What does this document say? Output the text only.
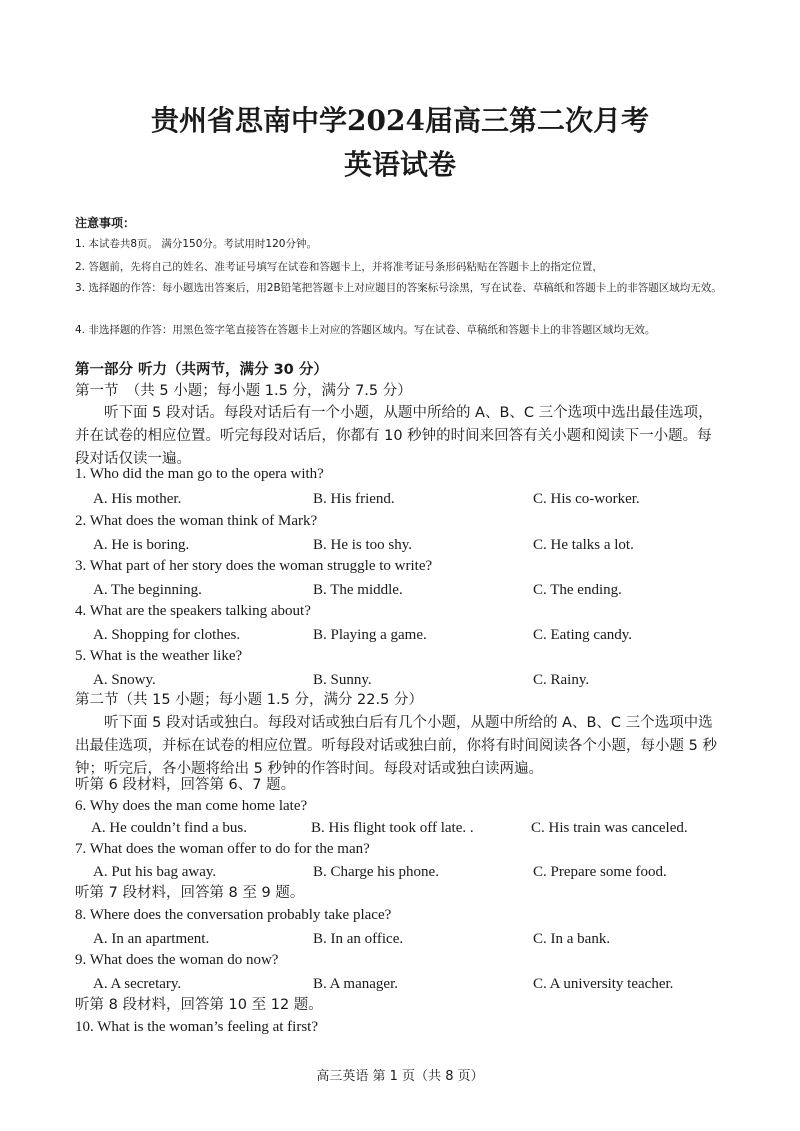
贵州省思南中学2024届高三第二次月考
英语试卷
注意事项：
1. 本试卷共8页。 满分150分。考试用时120分钟。
2. 答题前，先将自己的姓名、准考证号填写在试卷和答题卡上，并将准考证号条形码粘贴在答题卡上的指定位置，
3. 选择题的作答：每小题选出答案后，用2B铅笔把答题卡上对应题目的答案标号涂黑，写在试卷、草稿纸和答题卡上的非答题区域均无效。
4. 非选择题的作答：用黑色签字笔直接答在答题卡上对应的答题区域内。写在试卷、草稿纸和答题卡上的非答题区域均无效。
第一部分 听力（共两节，满分 30 分）
第一节　（共 5 小题；每小题 1.5 分，满分 7.5 分）
听下面 5 段对话。每段对话后有一个小题，从题中所给的 A、B、C 三个选项中选出最佳选项，并在试卷的相应位置。听完每段对话后，你都有 10 秒钟的时间来回答有关小题和阅读下一小题。每段对话仅读一遍。
1. Who did the man go to the opera with?
A. His mother.	B. His friend.	C. His co-worker.
2. What does the woman think of Mark?
A. He is boring.	B. He is too shy.	C. He talks a lot.
3. What part of her story does the woman struggle to write?
A. The beginning.	B. The middle.	C. The ending.
4. What are the speakers talking about?
A. Shopping for clothes.	B. Playing a game.	C. Eating candy.
5. What is the weather like?
A. Snowy.	B. Sunny.	C. Rainy.
第二节（共 15 小题；每小题 1.5 分，满分 22.5 分）
听下面 5 段对话或独白。每段对话或独白后有几个小题，从题中所给的 A、B、C 三个选项中选出最佳选项，并标在试卷的相应位置。听每段对话或独白前，你将有时间阅读各个小题，每小题 5 秒钟；听完后，各小题将给出 5 秒钟的作答时间。每段对话或独白读两遍。
听第 6 段材料，回答第 6、7 题。
6. Why does the man come home late?
A. He couldn’t find a bus.	B. His flight took off late. .	C. His train was canceled.
7. What does the woman offer to do for the man?
A. Put his bag away.	B. Charge his phone.	C. Prepare some food.
听第 7 段材料，回答第 8 至 9 题。
8. Where does the conversation probably take place?
A. In an apartment.	B. In an office.	C. In a bank.
9. What does the woman do now?
A. A secretary.	B. A manager.	C. A university teacher.
听第 8 段材料，回答第 10 至 12 题。
10. What is the woman’s feeling at first?
高三英语 第 1 页（共 8 页）
